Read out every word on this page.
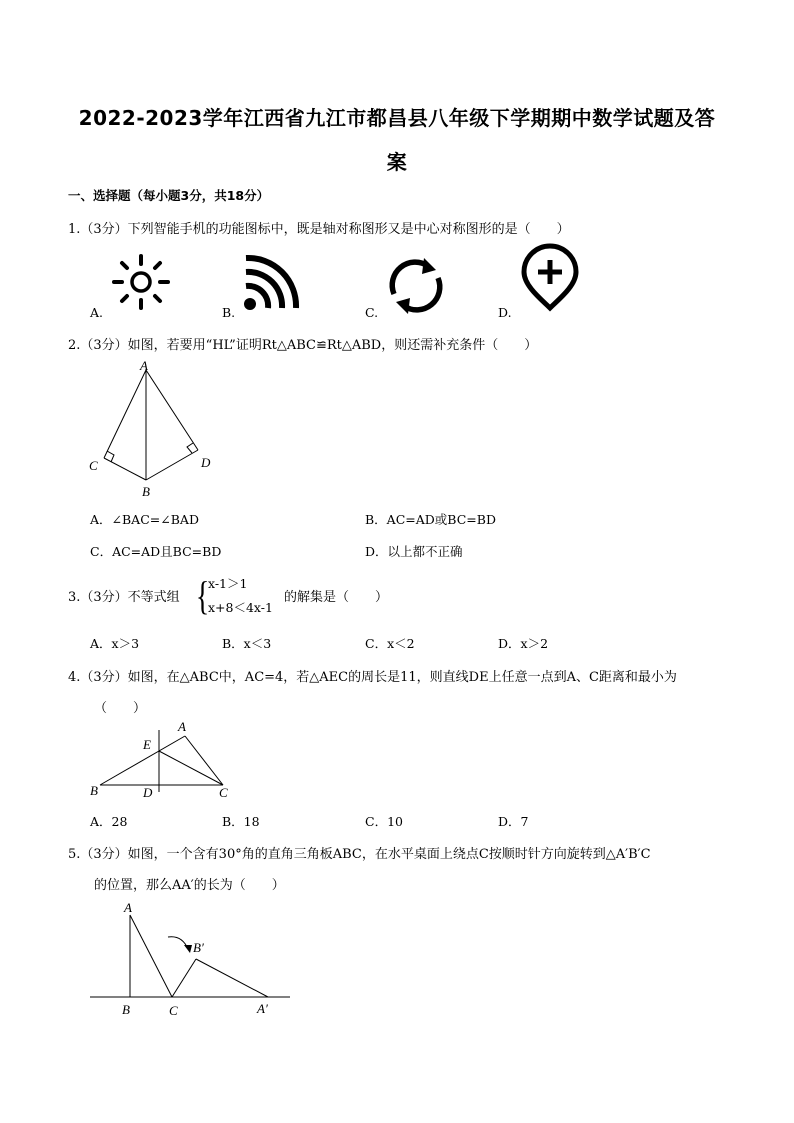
2022-2023学年江西省九江市都昌县八年级下学期期中数学试题及答
案
一、选择题（每小题3分，共18分）
1.（3分）下列智能手机的功能图标中，既是轴对称图形又是中心对称图形的是（　　）
A.	B.	C.	D.
2.（3分）如图，若要用“HL”证明Rt△ABC≌Rt△ABD，则还需补充条件（　　）
A
C
B
D
A．∠BAC=∠BAD	B．AC=AD或BC=BD
C．AC=AD且BC=BD	D．以上都不正确
3.（3分）不等式组 {
x-1＞1
x+8＜4x-1
的解集是（　　）
A．x＞3	B．x＜3	C．x＜2	D．x＞2
4.（3分）如图，在△ABC中，AC=4，若△AEC的周长是11，则直线DE上任意一点到A、C距离和最小为
（　　）
A
E
B	D	C
A．28	B．18	C．10	D．7
5.（3分）如图，一个含有30°角的直角三角板ABC，在水平桌面上绕点C按顺时针方向旋转到△A′B′C
的位置，那么AA′的长为（　　）
A
B′
B	C	A′
